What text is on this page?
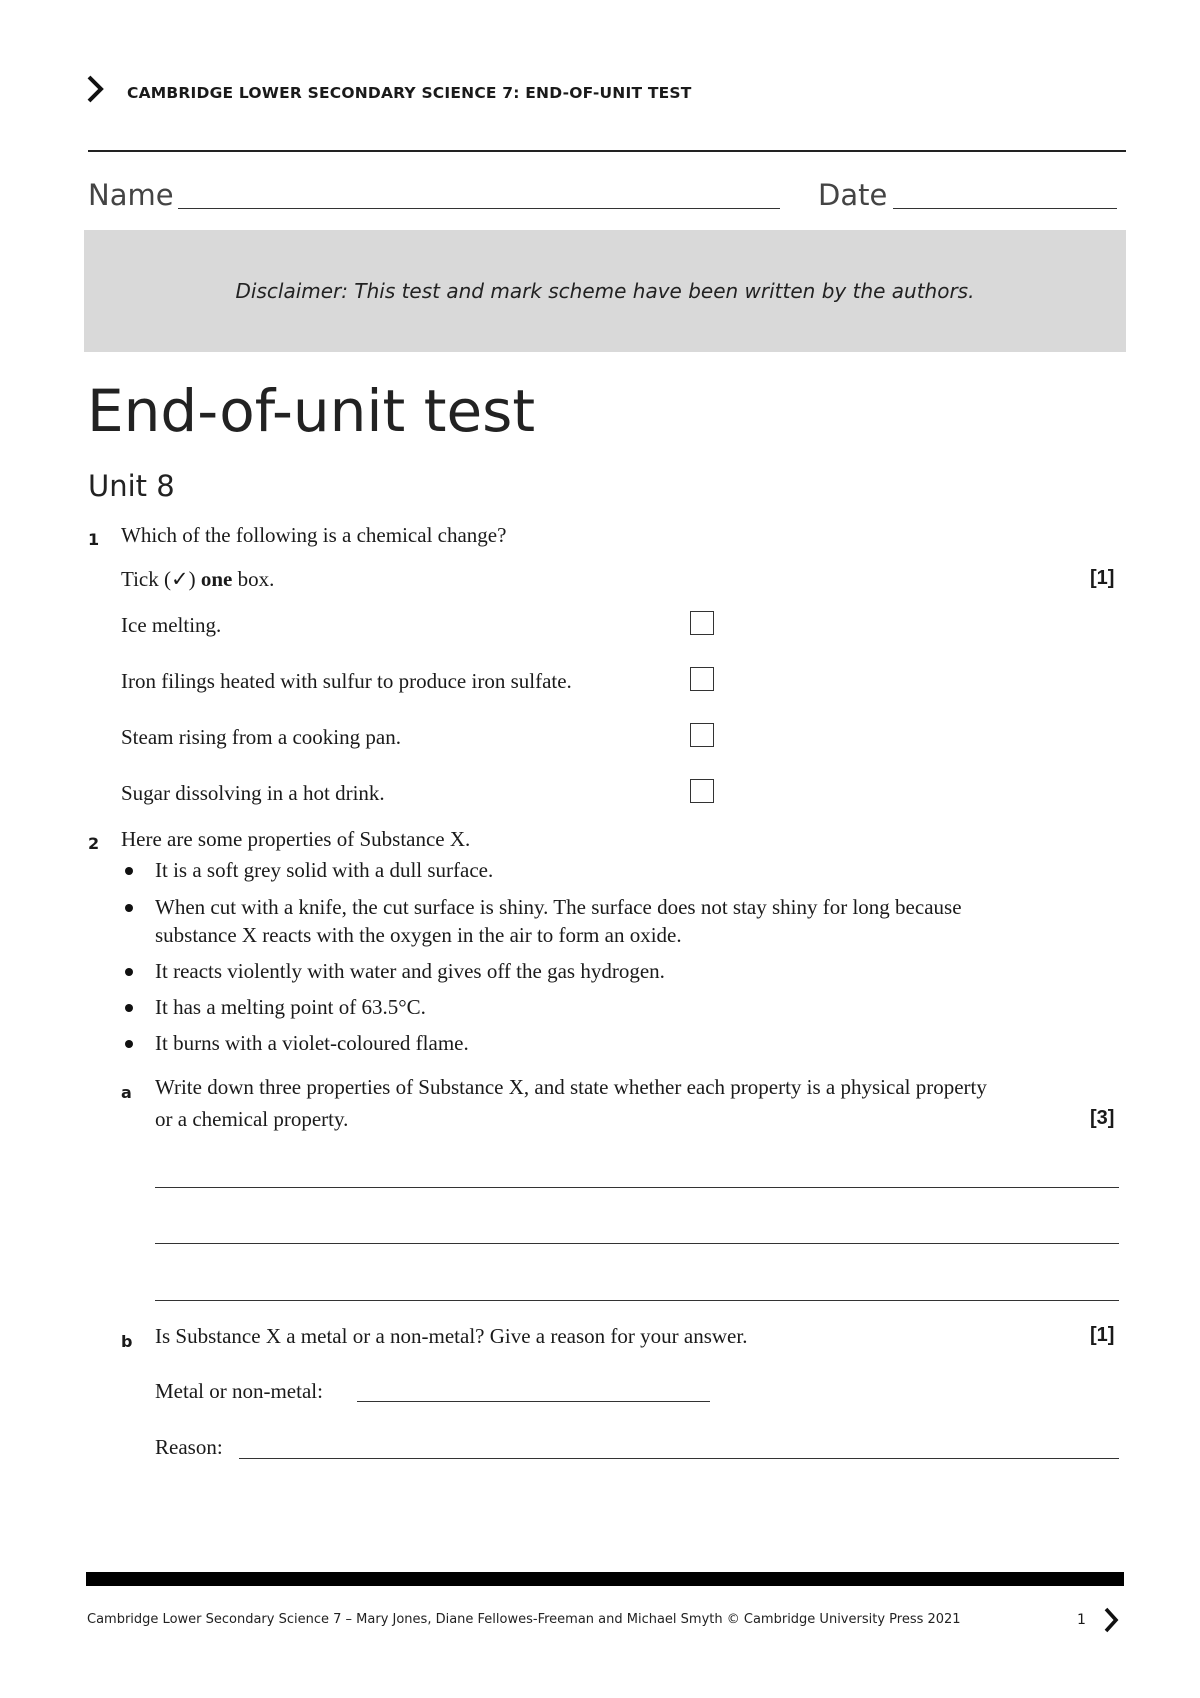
CAMBRIDGE LOWER SECONDARY SCIENCE 7: END-OF-UNIT TEST
Name	Date
Disclaimer: This test and mark scheme have been written by the authors.
End-of-unit test
Unit 8
1 Which of the following is a chemical change?
Tick (✓) one box.	[1]
Ice melting.
Iron filings heated with sulfur to produce iron sulfate.
Steam rising from a cooking pan.
Sugar dissolving in a hot drink.
2 Here are some properties of Substance X.
It is a soft grey solid with a dull surface.
When cut with a knife, the cut surface is shiny. The surface does not stay shiny for long because
substance X reacts with the oxygen in the air to form an oxide.
It reacts violently with water and gives off the gas hydrogen.
It has a melting point of 63.5°C.
It burns with a violet-coloured flame.
a Write down three properties of Substance X, and state whether each property is a physical property
or a chemical property.	[3]
b Is Substance X a metal or a non-metal? Give a reason for your answer.	[1]
Metal or non-metal:
Reason:
Cambridge Lower Secondary Science 7 – Mary Jones, Diane Fellowes-Freeman and Michael Smyth © Cambridge University Press 2021	1
